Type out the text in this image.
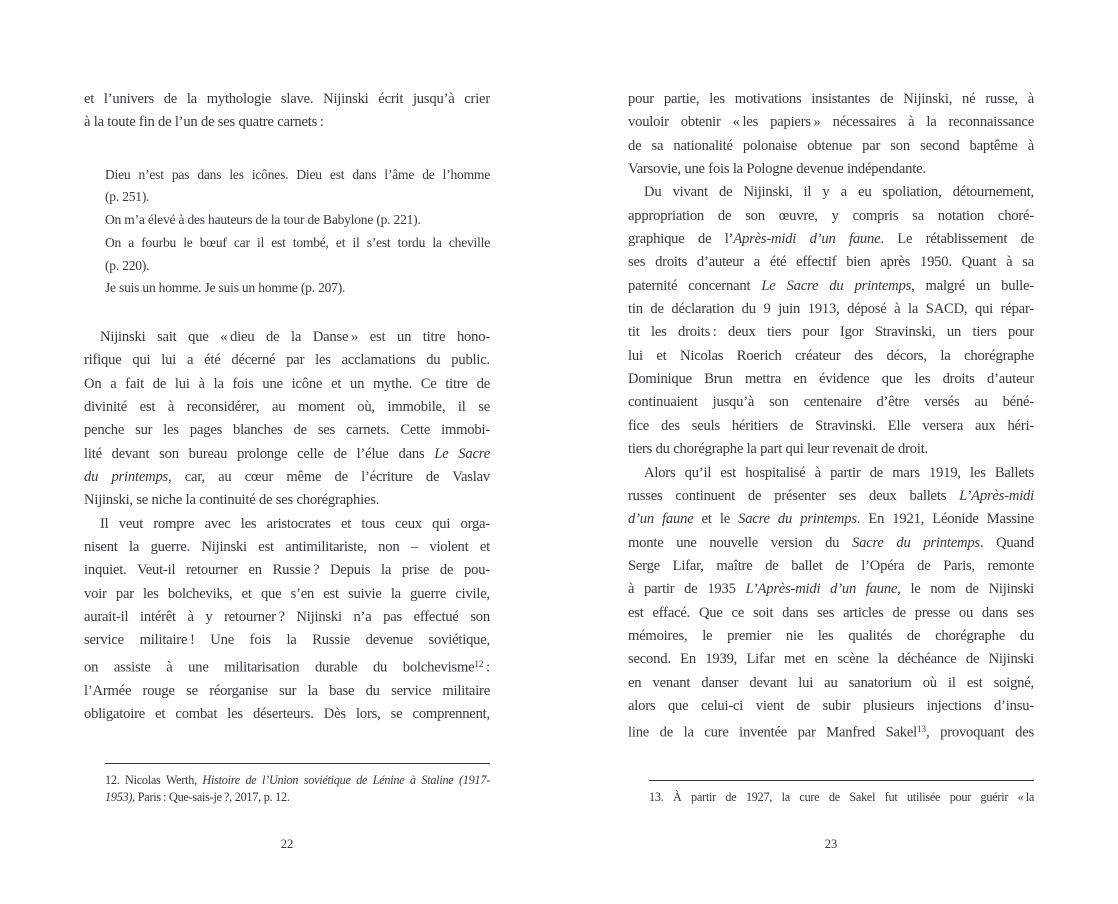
et l’univers de la mythologie slave. Nijinski écrit jusqu’à crier
à la toute fin de l’un de ses quatre carnets :
Dieu n’est pas dans les icônes. Dieu est dans l’âme de l’homme
(p. 251).
On m’a élevé à des hauteurs de la tour de Babylone (p. 221).
On a fourbu le bœuf car il est tombé, et il s’est tordu la cheville
(p. 220).
Je suis un homme. Je suis un homme (p. 207).
Nijinski sait que « dieu de la Danse » est un titre hono-
rifique qui lui a été décerné par les acclamations du public.
On a fait de lui à la fois une icône et un mythe. Ce titre de
divinité est à reconsidérer, au moment où, immobile, il se
penche sur les pages blanches de ses carnets. Cette immobi-
lité devant son bureau prolonge celle de l’élue dans Le Sacre
du printemps, car, au cœur même de l’écriture de Vaslav
Nijinski, se niche la continuité de ses chorégraphies.
Il veut rompre avec les aristocrates et tous ceux qui orga-
nisent la guerre. Nijinski est antimilitariste, non – violent et
inquiet. Veut-il retourner en Russie ? Depuis la prise de pou-
voir par les bolcheviks, et que s’en est suivie la guerre civile,
aurait-il intérêt à y retourner ? Nijinski n’a pas effectué son
service militaire ! Une fois la Russie devenue soviétique,
on assiste à une militarisation durable du bolchevisme$^{12}$ :
l’Armée rouge se réorganise sur la base du service militaire
obligatoire et combat les déserteurs. Dès lors, se comprennent,
12. Nicolas Werth, Histoire de l’Union soviétique de Lénine à Staline (1917-
1953), Paris : Que-sais-je ?, 2017, p. 12.
22
pour partie, les motivations insistantes de Nijinski, né russe, à
vouloir obtenir « les papiers » nécessaires à la reconnaissance
de sa nationalité polonaise obtenue par son second baptême à
Varsovie, une fois la Pologne devenue indépendante.
Du vivant de Nijinski, il y a eu spoliation, détournement,
appropriation de son œuvre, y compris sa notation choré-
graphique de l’Après-midi d’un faune. Le rétablissement de
ses droits d’auteur a été effectif bien après 1950. Quant à sa
paternité concernant Le Sacre du printemps, malgré un bulle-
tin de déclaration du 9 juin 1913, déposé à la SACD, qui répar-
tit les droits : deux tiers pour Igor Stravinski, un tiers pour
lui et Nicolas Roerich créateur des décors, la chorégraphe
Dominique Brun mettra en évidence que les droits d’auteur
continuaient jusqu’à son centenaire d’être versés au béné-
fice des seuls héritiers de Stravinski. Elle versera aux héri-
tiers du chorégraphe la part qui leur revenait de droit.
Alors qu’il est hospitalisé à partir de mars 1919, les Ballets
russes continuent de présenter ses deux ballets L’Après-midi
d’un faune et le Sacre du printemps. En 1921, Léonide Massine
monte une nouvelle version du Sacre du printemps. Quand
Serge Lifar, maître de ballet de l’Opéra de Paris, remonte
à partir de 1935 L’Après-midi d’un faune, le nom de Nijinski
est effacé. Que ce soit dans ses articles de presse ou dans ses
mémoires, le premier nie les qualités de chorégraphe du
second. En 1939, Lifar met en scène la déchéance de Nijinski
en venant danser devant lui au sanatorium où il est soigné,
alors que celui-ci vient de subir plusieurs injections d’insu-
line de la cure inventée par Manfred Sakel$^{13}$, provoquant des
13. À partir de 1927, la cure de Sakel fut utilisée pour guérir « la
23
